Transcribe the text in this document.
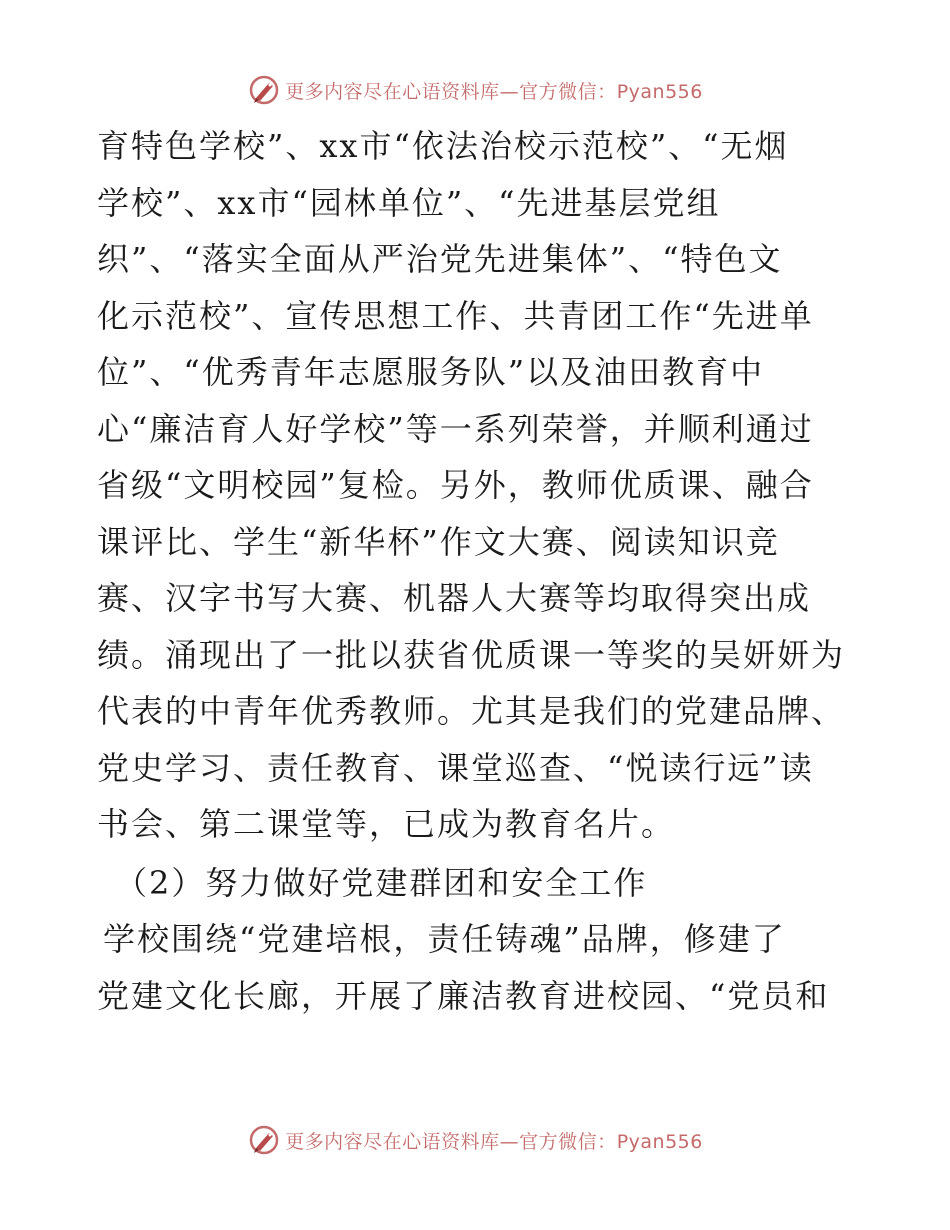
更多内容尽在心语资料库—官方微信：Pyan556
育特色学校”、xx市“依法治校示范校”、“无烟
学校”、xx市“园林单位”、“先进基层党组
织”、“落实全面从严治党先进集体”、“特色文
化示范校”、宣传思想工作、共青团工作“先进单
位”、“优秀青年志愿服务队”以及油田教育中
心“廉洁育人好学校”等一系列荣誉，并顺利通过
省级“文明校园”复检。另外，教师优质课、融合
课评比、学生“新华杯”作文大赛、阅读知识竞
赛、汉字书写大赛、机器人大赛等均取得突出成
绩。涌现出了一批以获省优质课一等奖的吴妍妍为
代表的中青年优秀教师。尤其是我们的党建品牌、
党史学习、责任教育、课堂巡查、“悦读行远”读
书会、第二课堂等，已成为教育名片。
（2）努力做好党建群团和安全工作
学校围绕“党建培根，责任铸魂”品牌，修建了
党建文化长廊，开展了廉洁教育进校园、“党员和
更多内容尽在心语资料库—官方微信：Pyan556
